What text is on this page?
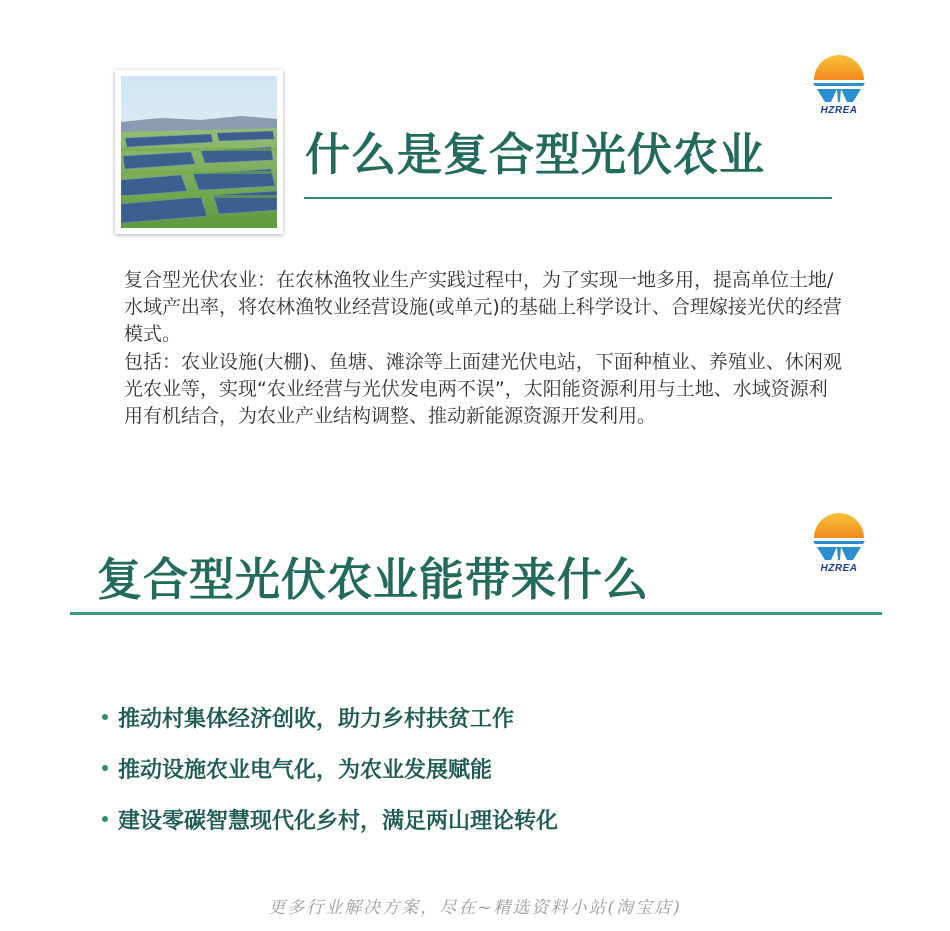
HZREA
什么是复合型光伏农业

复合型光伏农业：在农林渔牧业生产实践过程中，为了实现一地多用，提高单位土地/水域产出率，将农林渔牧业经营设施(或单元)的基础上科学设计、合理嫁接光伏的经营模式。

包括：农业设施(大棚)、鱼塘、滩涂等上面建光伏电站，下面种植业、养殖业、休闲观光农业等，实现“农业经营与光伏发电两不误”，太阳能资源利用与土地、水域资源利用有机结合，为农业产业结构调整、推动新能源资源开发利用。

HZREA
复合型光伏农业能带来什么
推动村集体经济创收，助力乡村扶贫工作
推动设施农业电气化，为农业发展赋能
建设零碳智慧现代化乡村，满足两山理论转化
更多行业解决方案，尽在~精选资料小站(淘宝店)
